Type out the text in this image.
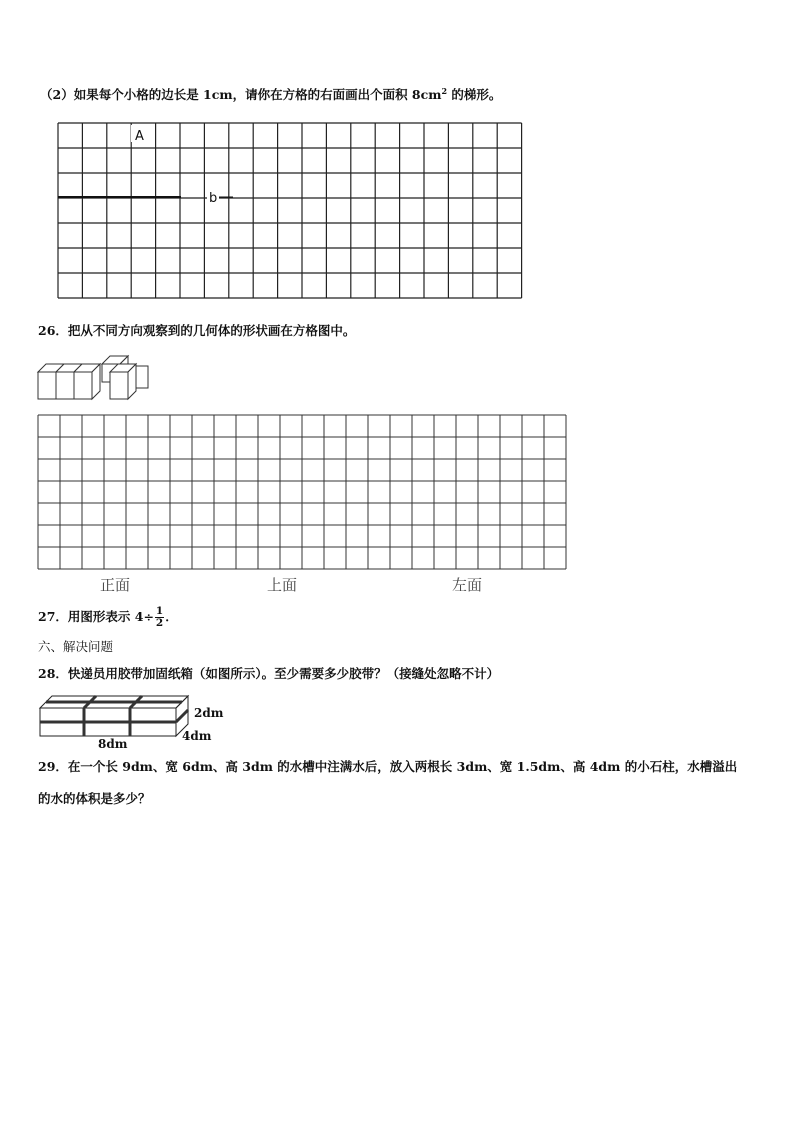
（2）如果每个小格的边长是 1cm，请你在方格的右面画出个面积 $8cm^2$ 的梯形。
A
b
26．把从不同方向观察到的几何体的形状画在方格图中。
正面	上面	左面
27．用图形表示 $4\div \frac{1}{2}$ ．
六、解决问题
28．快递员用胶带加固纸箱（如图所示）。至少需要多少胶带？（接缝处忽略不计）
2dm
4dm
8dm
29．在一个长 9dm、宽 6dm、高 3dm 的水槽中注满水后，放入两根长 3dm、宽 1.5dm、高 4dm 的小石柱，水槽溢出
的水的体积是多少？
